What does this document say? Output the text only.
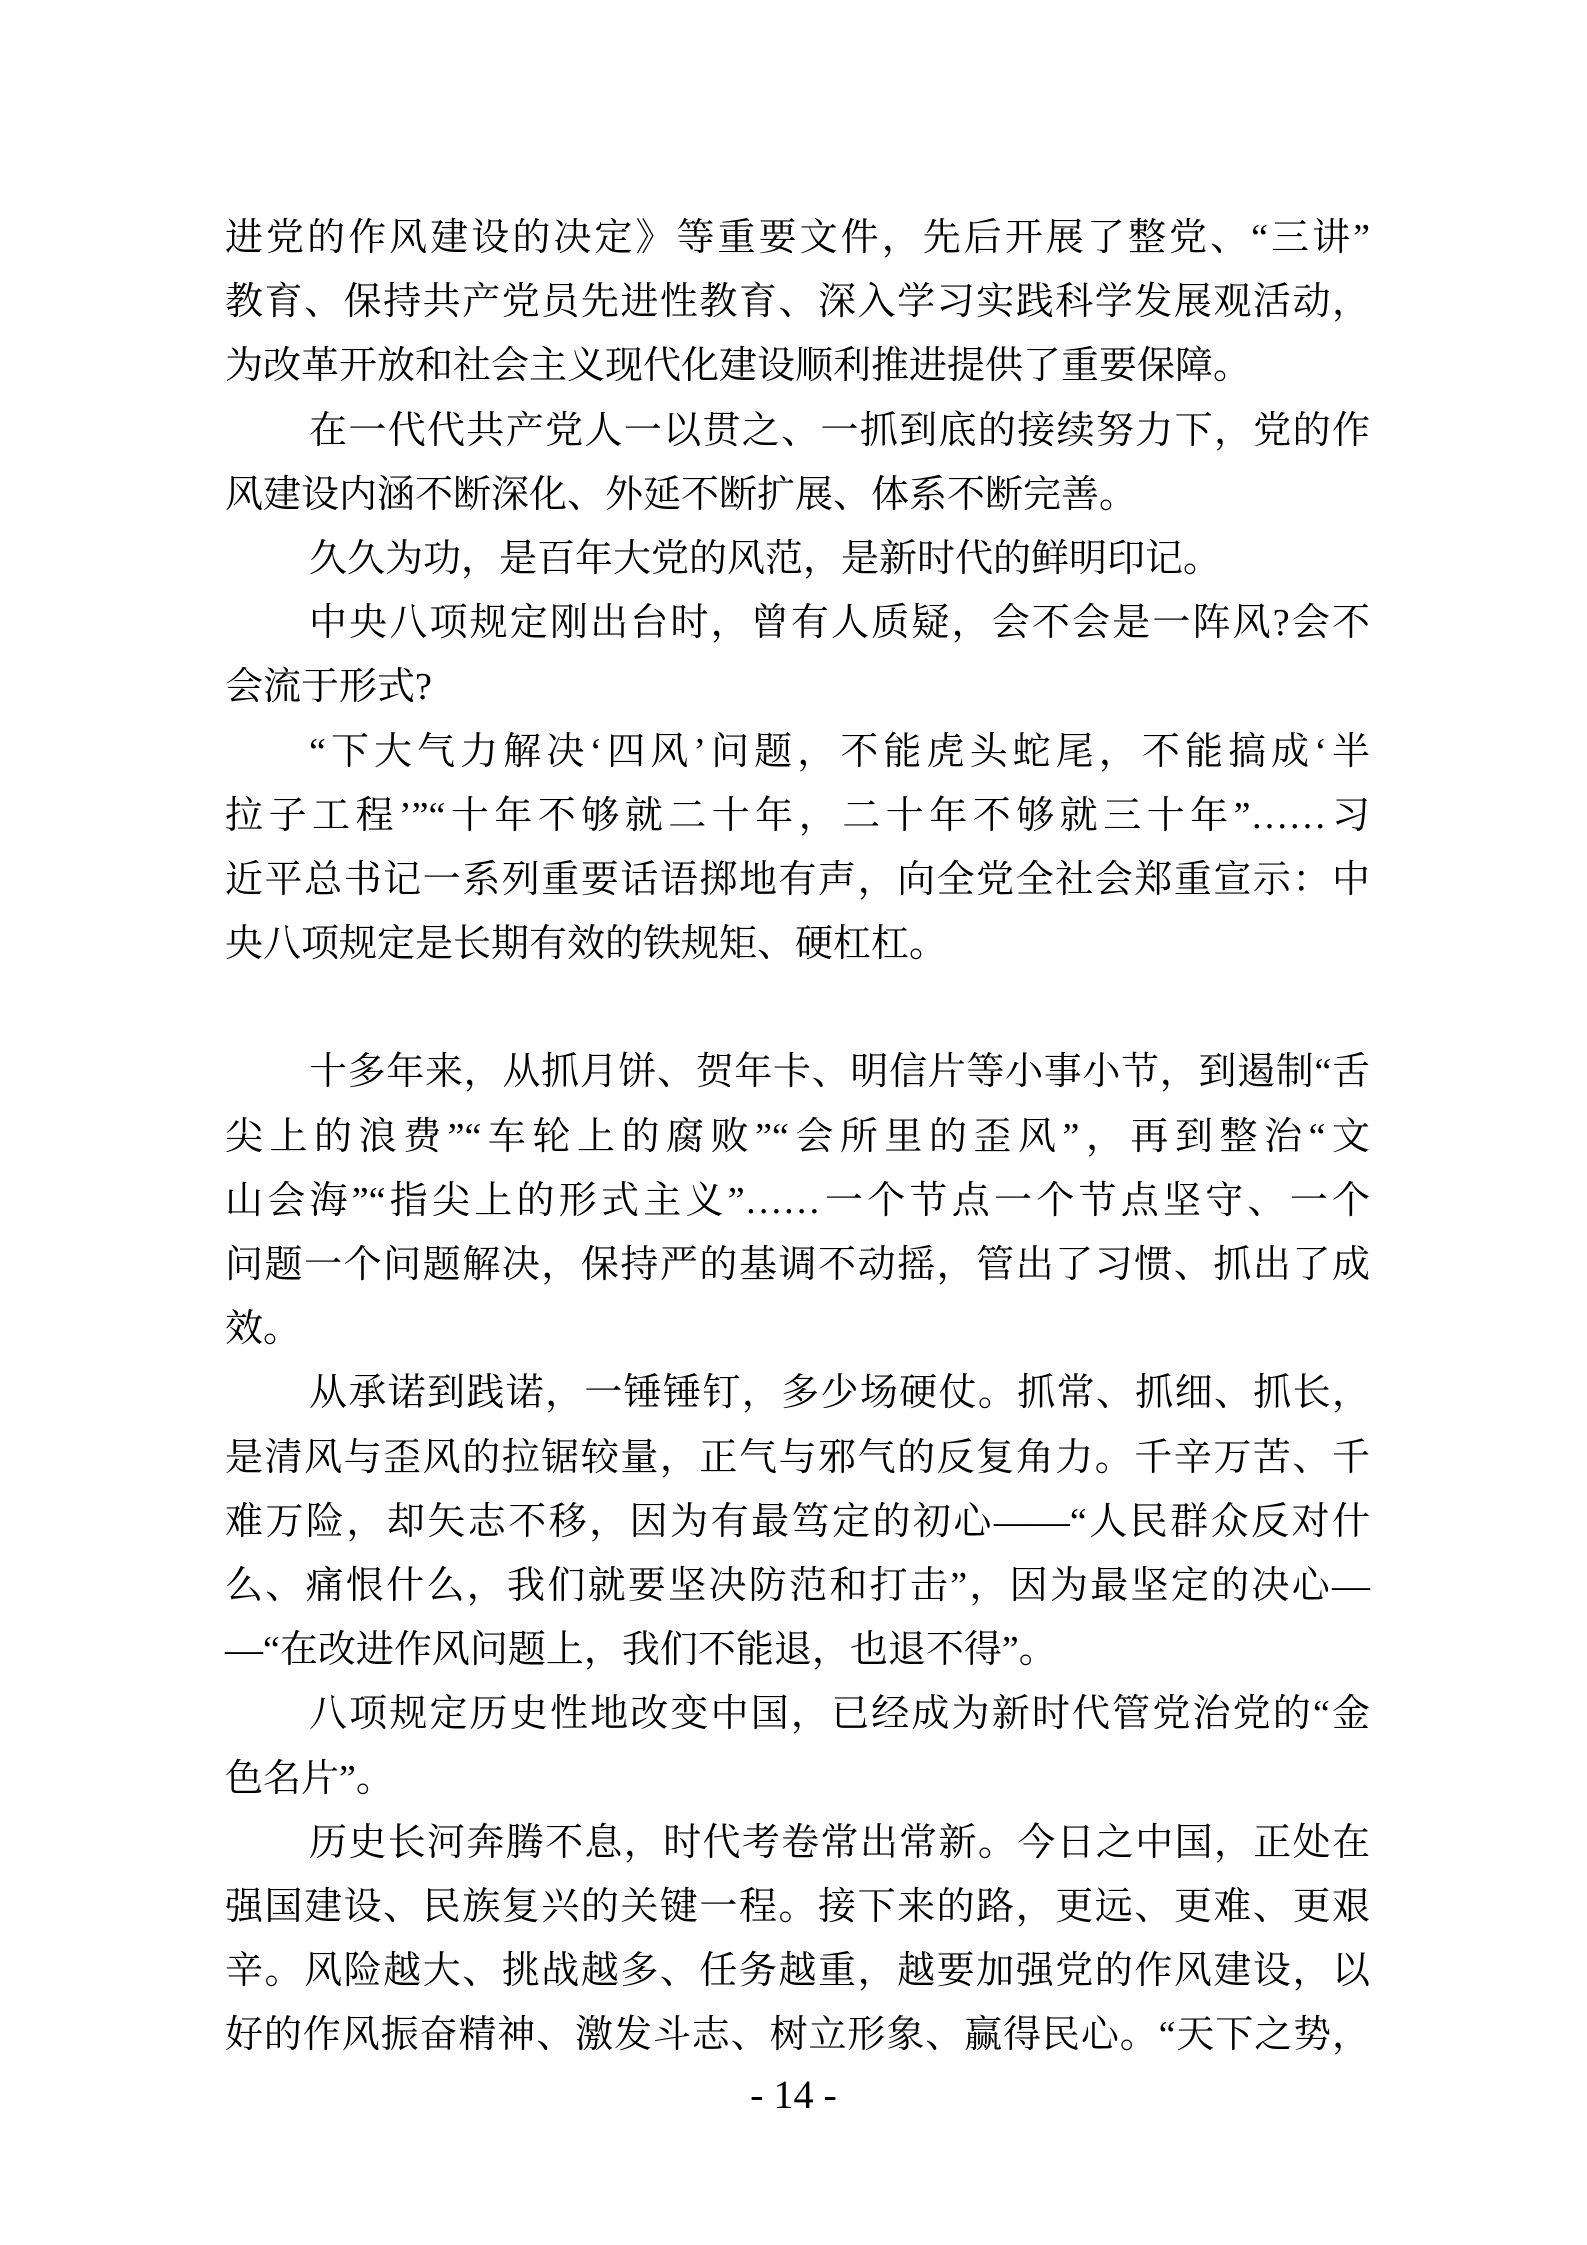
进党的作风建设的决定》等重要文件，先后开展了整党、“三讲”

教育、保持共产党员先进性教育、深入学习实践科学发展观活动，

为改革开放和社会主义现代化建设顺利推进提供了重要保障。

在一代代共产党人一以贯之、一抓到底的接续努力下，党的作

风建设内涵不断深化、外延不断扩展、体系不断完善。

久久为功，是百年大党的风范，是新时代的鲜明印记。

中央八项规定刚出台时，曾有人质疑，会不会是一阵风?会不

会流于形式?

“下大气力解决‘四风’问题，不能虎头蛇尾，不能搞成‘半

拉子工程’”“十年不够就二十年，二十年不够就三十年”……习

近平总书记一系列重要话语掷地有声，向全党全社会郑重宣示：中

央八项规定是长期有效的铁规矩、硬杠杠。

十多年来，从抓月饼、贺年卡、明信片等小事小节，到遏制“舌

尖上的浪费”“车轮上的腐败”“会所里的歪风”，再到整治“文

山会海”“指尖上的形式主义”……一个节点一个节点坚守、一个

问题一个问题解决，保持严的基调不动摇，管出了习惯、抓出了成

效。

从承诺到践诺，一锤锤钉，多少场硬仗。抓常、抓细、抓长，

是清风与歪风的拉锯较量，正气与邪气的反复角力。千辛万苦、千

难万险，却矢志不移，因为有最笃定的初心——“人民群众反对什

么、痛恨什么，我们就要坚决防范和打击”，因为最坚定的决心—

—“在改进作风问题上，我们不能退，也退不得”。

八项规定历史性地改变中国，已经成为新时代管党治党的“金

色名片”。

历史长河奔腾不息，时代考卷常出常新。今日之中国，正处在

强国建设、民族复兴的关键一程。接下来的路，更远、更难、更艰

辛。风险越大、挑战越多、任务越重，越要加强党的作风建设，以

好的作风振奋精神、激发斗志、树立形象、赢得民心。“天下之势，

- 14 -
